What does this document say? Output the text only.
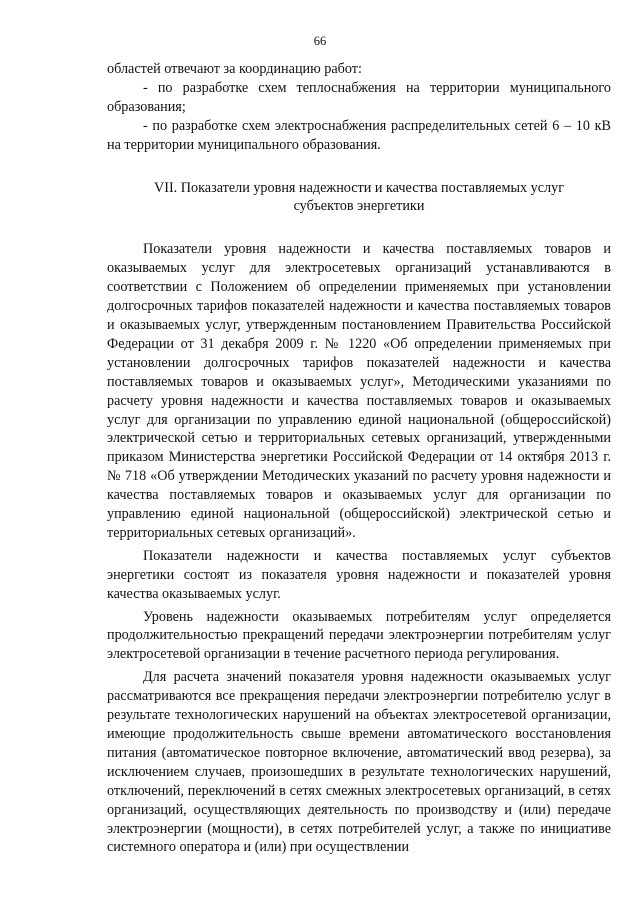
66

областей отвечают за координацию работ:

- по разработке схем теплоснабжения на территории муниципального образования;

- по разработке схем электроснабжения распределительных сетей 6 – 10 кВ на территории муниципального образования.

VII. Показатели уровня надежности и качества поставляемых услуг
субъектов энергетики

Показатели уровня надежности и качества поставляемых товаров и оказываемых услуг для электросетевых организаций устанавливаются в соответствии с Положением об определении применяемых при установлении долгосрочных тарифов показателей надежности и качества поставляемых товаров и оказываемых услуг, утвержденным постановлением Правительства Российской Федерации от 31 декабря 2009 г. № 1220 «Об определении применяемых при установлении долгосрочных тарифов показателей надежности и качества поставляемых товаров и оказываемых услуг», Методическими указаниями по расчету уровня надежности и качества поставляемых товаров и оказываемых услуг для организации по управлению единой национальной (общероссийской) электрической сетью и территориальных сетевых организаций, утвержденными приказом Министерства энергетики Российской Федерации от 14 октября 2013 г. № 718 «Об утверждении Методических указаний по расчету уровня надежности и качества поставляемых товаров и оказываемых услуг для организации по управлению единой национальной (общероссийской) электрической сетью и территориальных сетевых организаций».

Показатели надежности и качества поставляемых услуг субъектов энергетики состоят из показателя уровня надежности и показателей уровня качества оказываемых услуг.

Уровень надежности оказываемых потребителям услуг определяется продолжительностью прекращений передачи электроэнергии потребителям услуг электросетевой организации в течение расчетного периода регулирования.

Для расчета значений показателя уровня надежности оказываемых услуг рассматриваются все прекращения передачи электроэнергии потребителю услуг в результате технологических нарушений на объектах электросетевой организации, имеющие продолжительность свыше времени автоматического восстановления питания (автоматическое повторное включение, автоматический ввод резерва), за исключением случаев, произошедших в результате технологических нарушений, отключений, переключений в сетях смежных электросетевых организаций, в сетях организаций, осуществляющих деятельность по производству и (или) передаче электроэнергии (мощности), в сетях потребителей услуг, а также по инициативе системного оператора и (или) при осуществлении
